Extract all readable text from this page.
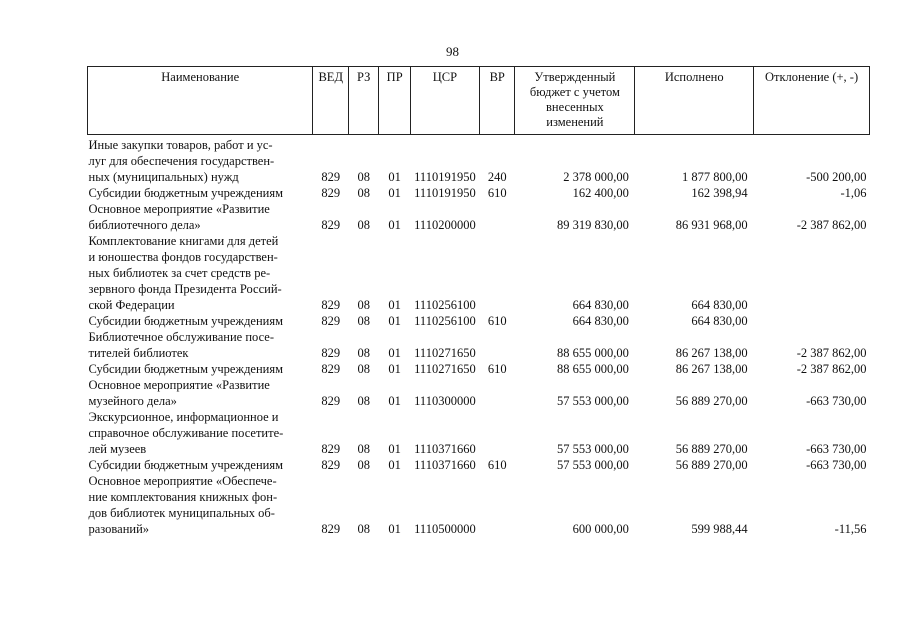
98
Наименование	ВЕД	РЗ	ПР	ЦСР	ВР	Утвержденный бюджет с учетом внесенных изменений	Исполнено	Отклонение (+, -)

Иные закупки товаров, работ и ус-
луг для обеспечения государствен-
ных (муниципальных) нужд	829	08	01	1110191950	240	2 378 000,00	1 877 800,00	-500 200,00

Субсидии бюджетным учреждениям	829	08	01	1110191950	610	162 400,00	162 398,94	-1,06

Основное мероприятие «Развитие
библиотечного дела»	829	08	01	1110200000		89 319 830,00	86 931 968,00	-2 387 862,00

Комплектование книгами для детей
и юношества фондов государствен-
ных библиотек за счет средств ре-
зервного фонда Президента Россий-
ской Федерации	829	08	01	1110256100		664 830,00	664 830,00	

Субсидии бюджетным учреждениям	829	08	01	1110256100	610	664 830,00	664 830,00	

Библиотечное обслуживание посе-
тителей библиотек	829	08	01	1110271650		88 655 000,00	86 267 138,00	-2 387 862,00

Субсидии бюджетным учреждениям	829	08	01	1110271650	610	88 655 000,00	86 267 138,00	-2 387 862,00

Основное мероприятие «Развитие
музейного дела»	829	08	01	1110300000		57 553 000,00	56 889 270,00	-663 730,00

Экскурсионное, информационное и
справочное обслуживание посетите-
лей музеев	829	08	01	1110371660		57 553 000,00	56 889 270,00	-663 730,00

Субсидии бюджетным учреждениям	829	08	01	1110371660	610	57 553 000,00	56 889 270,00	-663 730,00

Основное мероприятие «Обеспече-
ние комплектования книжных фон-
дов библиотек муниципальных об-
разований»	829	08	01	1110500000		600 000,00	599 988,44	-11,56
